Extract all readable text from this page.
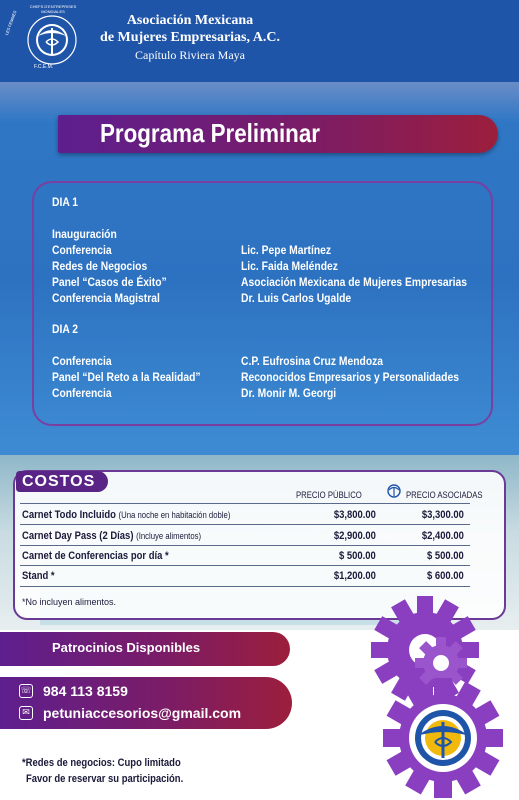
CHEFS D'ENTREPRISES MONDIALES
LES FEMMES
F.C.E.M.
Asociación Mexicana
de Mujeres Empresarias, A.C.
Capítulo Riviera Maya
Programa Preliminar
DIA 1
Inauguración
Conferencia	Lic. Pepe Martínez
Redes de Negocios	Lic. Faida Meléndez
Panel “Casos de Éxito”	Asociación Mexicana de Mujeres Empresarias
Conferencia Magistral	Dr. Luis Carlos Ugalde
DIA 2
Conferencia	C.P. Eufrosina Cruz Mendoza
Panel “Del Reto a la Realidad”	Reconocidos Empresarios y Personalidades
Conferencia	Dr. Monir M. Georgi
COSTOS
PRECIO PÚBLICO	PRECIO ASOCIADAS
Carnet Todo Incluido (Una noche en habitación doble)	$3,800.00	$3,300.00
Carnet Day Pass (2 Días) (Incluye alimentos)	$2,900.00	$2,400.00
Carnet de Conferencias por día *	$ 500.00	$ 500.00
Stand *	$1,200.00	$ 600.00
*No incluyen alimentos.
Patrocinios Disponibles
☏ 984 113 8159
✉ petuniaccesorios@gmail.com
*Redes de negocios: Cupo limitado
Favor de reservar su participación.
